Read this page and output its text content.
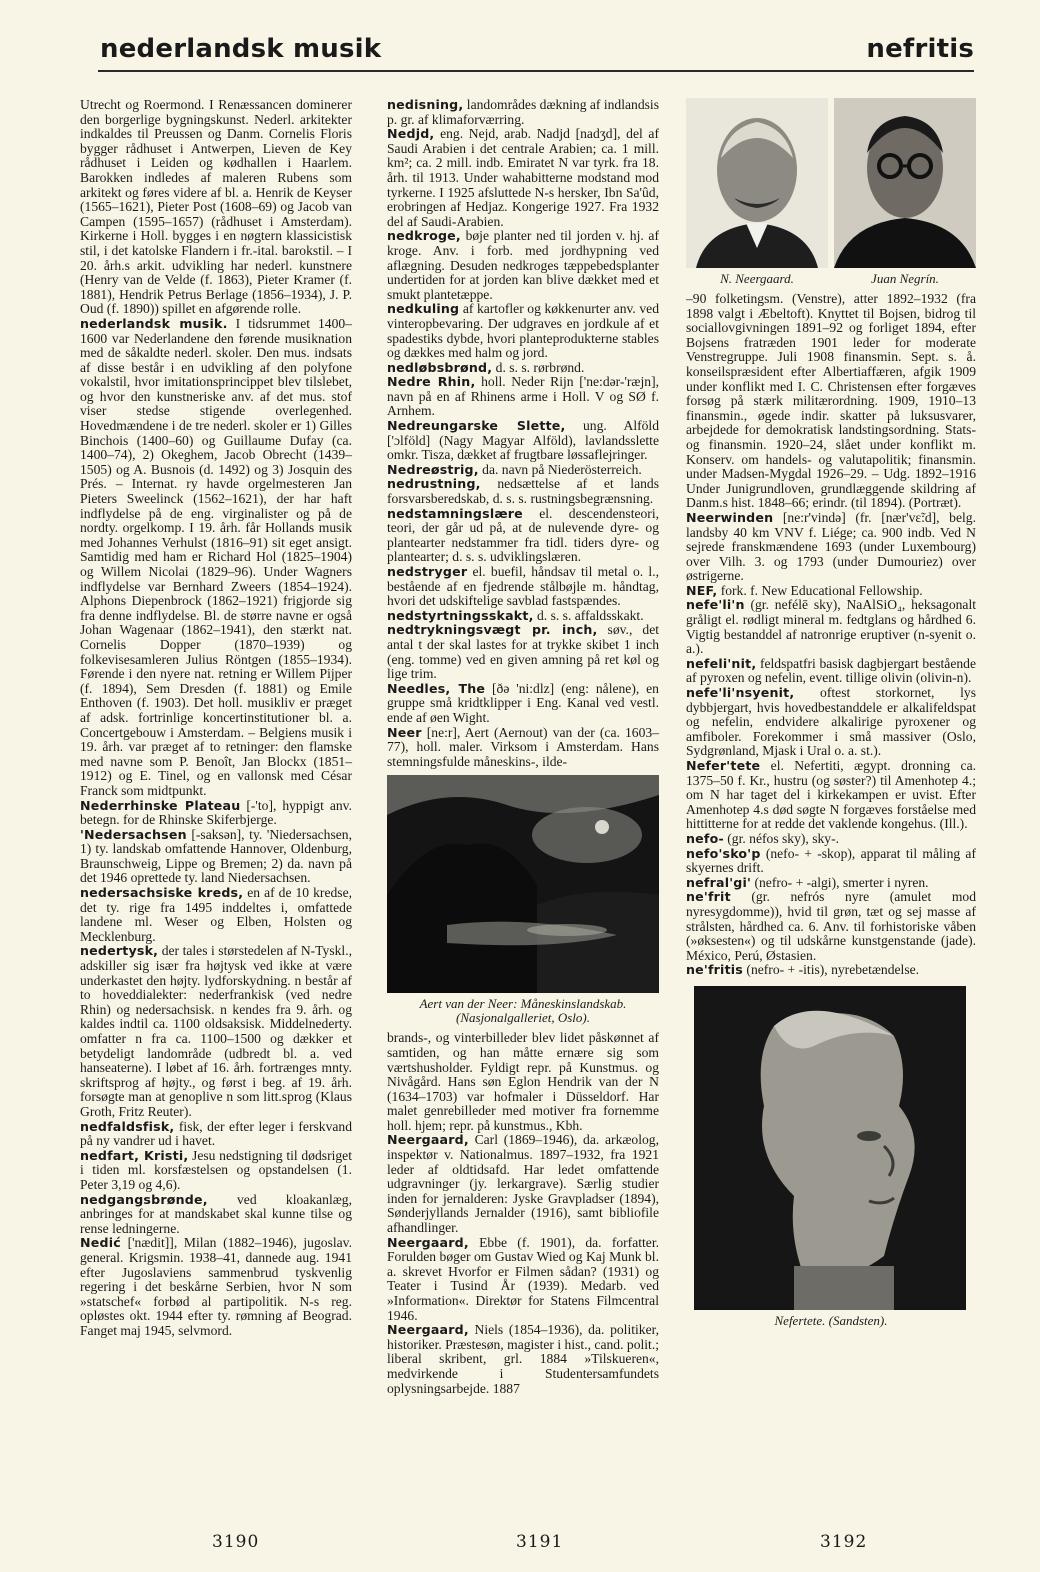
nederlandsk musik	nefritis

Utrecht og Roermond. I Renæssancen dominerer den borgerlige bygningskunst. Nederl. arkitekter indkaldes til Preussen og Danm. Cornelis Floris bygger rådhuset i Antwerpen, Lieven de Key rådhuset i Leiden og kødhallen i Haarlem. Barokken indledes af maleren Rubens som arkitekt og føres videre af bl. a. Henrik de Keyser (1565–1621), Pieter Post (1608–69) og Jacob van Campen (1595–1657) (rådhuset i Amsterdam). Kirkerne i Holl. bygges i en nøgtern klassicistisk stil, i det katolske Flandern i fr.-ital. barokstil. – I 20. årh.s arkit. udvikling har nederl. kunstnere (Henry van de Velde (f. 1863), Pieter Kramer (f. 1881), Hendrik Petrus Berlage (1856–1934), J. P. Oud (f. 1890)) spillet en afgørende rolle.

nederlandsk musik. I tidsrummet 1400–1600 var Nederlandene den førende musiknation med de såkaldte nederl. skoler. Den mus. indsats af disse består i en udvikling af den polyfone vokalstil, hvor imitationsprincippet blev tilslebet, og hvor den kunstneriske anv. af det mus. stof viser stedse stigende overlegenhed. Hovedmændene i de tre nederl. skoler er 1) Gilles Binchois (1400–60) og Guillaume Dufay (ca. 1400–74), 2) Okeghem, Jacob Obrecht (1439–1505) og A. Busnois (d. 1492) og 3) Josquin des Prés. – Internat. ry havde orgelmesteren Jan Pieters Sweelinck (1562–1621), der har haft indflydelse på de eng. virginalister og på de nordty. orgelkomp. I 19. årh. får Hollands musik med Johannes Verhulst (1816–91) sit eget ansigt. Samtidig med ham er Richard Hol (1825–1904) og Willem Nicolai (1829–96). Under Wagners indflydelse var Bernhard Zweers (1854–1924). Alphons Diepenbrock (1862–1921) frigjorde sig fra denne indflydelse. Bl. de større navne er også Johan Wagenaar (1862–1941), den stærkt nat. Cornelis Dopper (1870–1939) og folkevisesamleren Julius Röntgen (1855–1934). Førende i den nyere nat. retning er Willem Pijper (f. 1894), Sem Dresden (f. 1881) og Emile Enthoven (f. 1903). Det holl. musikliv er præget af adsk. fortrinlige koncertinstitutioner bl. a. Concertgebouw i Amsterdam. – Belgiens musik i 19. årh. var præget af to retninger: den flamske med navne som P. Benoît, Jan Blockx (1851–1912) og E. Tinel, og en vallonsk med César Franck som midtpunkt.

Nederrhinske Plateau [-'to], hyppigt anv. betegn. for de Rhinske Skiferbjerge.

'Nedersachsen [-saksən], ty. 'Niedersachsen, 1) ty. landskab omfattende Hannover, Oldenburg, Braunschweig, Lippe og Bremen; 2) da. navn på det 1946 oprettede ty. land Niedersachsen.

nedersachsiske kreds, en af de 10 kredse, det ty. rige fra 1495 inddeltes i, omfattede landene ml. Weser og Elben, Holsten og Mecklenburg.

nedertysk, der tales i størstedelen af N-Tyskl., adskiller sig især fra højtysk ved ikke at være underkastet den højty. lydforskydning. n består af to hoveddialekter: nederfrankisk (ved nedre Rhin) og nedersachsisk. n kendes fra 9. årh. og kaldes indtil ca. 1100 oldsaksisk. Middelnederty. omfatter n fra ca. 1100–1500 og dækker et betydeligt landområde (udbredt bl. a. ved hanseaterne). I løbet af 16. årh. fortrænges mnty. skriftsprog af højty., og først i beg. af 19. årh. forsøgte man at genoplive n som litt.sprog (Klaus Groth, Fritz Reuter).

nedfaldsfisk, fisk, der efter leger i ferskvand på ny vandrer ud i havet.

nedfart, Kristi, Jesu nedstigning til dødsriget i tiden ml. korsfæstelsen og opstandelsen (1. Peter 3,19 og 4,6).

nedgangsbrønde, ved kloakanlæg, anbringes for at mandskabet skal kunne tilse og rense ledningerne.

Nedić ['nædit]], Milan (1882–1946), jugoslav. general. Krigsmin. 1938–41, dannede aug. 1941 efter Jugoslaviens sammenbrud tyskvenlig regering i det beskårne Serbien, hvor N som »statschef« forbød al partipolitik. N-s reg. opløstes okt. 1944 efter ty. rømning af Beograd. Fanget maj 1945, selvmord.

nedisning, landområdes dækning af indlandsis p. gr. af klimaforværring.

Nedjd, eng. Nejd, arab. Nadjd [nadʒd], del af Saudi Arabien i det centrale Arabien; ca. 1 mill. km²; ca. 2 mill. indb. Emiratet N var tyrk. fra 18. årh. til 1913. Under wahabitterne modstand mod tyrkerne. I 1925 afsluttede N-s hersker, Ibn Sa'ûd, erobringen af Hedjaz. Kongerige 1927. Fra 1932 del af Saudi-Arabien.

nedkroge, bøje planter ned til jorden v. hj. af kroge. Anv. i forb. med jordhypning ved aflægning. Desuden nedkroges tæppebedsplanter undertiden for at jorden kan blive dækket med et smukt plantetæppe.

nedkuling af kartofler og køkkenurter anv. ved vinteropbevaring. Der udgraves en jordkule af et spadestiks dybde, hvori planteprodukterne stables og dækkes med halm og jord.

nedløbsbrønd, d. s. s. rørbrønd.

Nedre Rhin, holl. Neder Rijn ['ne:dər-'ræjn], navn på en af Rhinens arme i Holl. V og SØ f. Arnhem.

Nedreungarske Slette, ung. Alföld ['ɔlföld] (Nagy Magyar Alföld), lavlandsslette omkr. Tisza, dækket af frugtbare løssaflejringer.

Nedreøstrig, da. navn på Niederösterreich.

nedrustning, nedsættelse af et lands forsvarsberedskab, d. s. s. rustningsbegrænsning.

nedstamningslære el. descendensteori, teori, der går ud på, at de nulevende dyre- og plantearter nedstammer fra tidl. tiders dyre- og plantearter; d. s. s. udviklingslæren.

nedstryger el. buefil, håndsav til metal o. l., bestående af en fjedrende stålbøjle m. håndtag, hvori det udskiftelige savblad fastspændes.

nedstyrtningsskakt, d. s. s. affaldsskakt.

nedtrykningsvægt pr. inch, søv., det antal t der skal lastes for at trykke skibet 1 inch (eng. tomme) ved en given amning på ret køl og lige trim.

Needles, The [ðə 'ni:dlz] (eng: nålene), en gruppe små kridtklipper i Eng. Kanal ved vestl. ende af øen Wight.

Neer [ne:r], Aert (Aernout) van der (ca. 1603–77), holl. maler. Virksom i Amsterdam. Hans stemningsfulde måneskins-, ilde-

Aert van der Neer: Måneskinslandskab. (Nasjonalgalleriet, Oslo).

brands-, og vinterbilleder blev lidet påskønnet af samtiden, og han måtte ernære sig som værtshusholder. Fyldigt repr. på Kunstmus. og Nivågård. Hans søn Eglon Hendrik van der N (1634–1703) var hofmaler i Düsseldorf. Har malet genrebilleder med motiver fra fornemme holl. hjem; repr. på kunstmus., Kbh.

Neergaard, Carl (1869–1946), da. arkæolog, inspektør v. Nationalmus. 1897–1932, fra 1921 leder af oldtidsafd. Har ledet omfattende udgravninger (jy. lerkargrave). Særlig studier inden for jernalderen: Jyske Gravpladser (1894), Sønderjyllands Jernalder (1916), samt bibliofile afhandlinger.

Neergaard, Ebbe (f. 1901), da. forfatter. Forulden bøger om Gustav Wied og Kaj Munk bl. a. skrevet Hvorfor er Filmen sådan? (1931) og Teater i Tusind År (1939). Medarb. ved »Information«. Direktør for Statens Filmcentral 1946.

Neergaard, Niels (1854–1936), da. politiker, historiker. Præstesøn, magister i hist., cand. polit.; liberal skribent, grl. 1884 »Tilskueren«, medvirkende i Studentersamfundets oplysningsarbejde. 1887

N. Neergaard.	Juan Negrín.

–90 folketingsm. (Venstre), atter 1892–1932 (fra 1898 valgt i Æbeltoft). Knyttet til Bojsen, bidrog til sociallovgivningen 1891–92 og forliget 1894, efter Bojsens fratræden 1901 leder for moderate Venstregruppe. Juli 1908 finansmin. Sept. s. å. konseilspræsident efter Albertiaffæren, afgik 1909 under konflikt med I. C. Christensen efter forgæves forsøg på stærk militærordning. 1909, 1910–13 finansmin., øgede indir. skatter på luksusvarer, arbejdede for demokratisk landstingsordning. Stats- og finansmin. 1920–24, slået under konflikt m. Konserv. om handels- og valutapolitik; finansmin. under Madsen-Mygdal 1926–29. – Udg. 1892–1916 Under Junigrundloven, grundlæggende skildring af Danm.s hist. 1848–66; erindr. (til 1894). (Portræt).

Neerwinden [ne:r'vində] (fr. [nær'vɛ̃:d], belg. landsby 40 km VNV f. Liége; ca. 900 indb. Ved N sejrede franskmændene 1693 (under Luxembourg) over Vilh. 3. og 1793 (under Dumouriez) over østrigerne.

NEF, fork. f. New Educational Fellowship.

nefe'li'n (gr. nefélē sky), NaAlSiO₄, heksagonalt gråligt el. rødligt mineral m. fedtglans og hårdhed 6. Vigtig bestanddel af natronrige eruptiver (n-syenit o. a.).

nefeli'nit, feldspatfri basisk dagbjergart bestående af pyroxen og nefelin, event. tillige olivin (olivin-n).

nefe'li'nsyenit, oftest storkornet, lys dybbjergart, hvis hovedbestanddele er alkalifeldspat og nefelin, endvidere alkalirige pyroxener og amfiboler. Forekommer i små massiver (Oslo, Sydgrønland, Mjask i Ural o. a. st.).

Nefer'tete el. Nefertiti, ægypt. dronning ca. 1375–50 f. Kr., hustru (og søster?) til Amenhotep 4.; om N har taget del i kirkekampen er uvist. Efter Amenhotep 4.s død søgte N forgæves forståelse med hittitterne for at redde det vaklende kongehus. (Ill.).

nefo- (gr. néfos sky), sky-.

nefo'sko'p (nefo- + -skop), apparat til måling af skyernes drift.

nefral'gi' (nefro- + -algi), smerter i nyren.

ne'frit (gr. nefrós nyre (amulet mod nyresygdomme)), hvid til grøn, tæt og sej masse af strålsten, hårdhed ca. 6. Anv. til forhistoriske våben (»øksesten«) og til udskårne kunstgenstande (jade). México, Perú, Østasien.

ne'fritis (nefro- + -itis), nyrebetændelse.

Nefertete. (Sandsten).
3190	3191	3192
